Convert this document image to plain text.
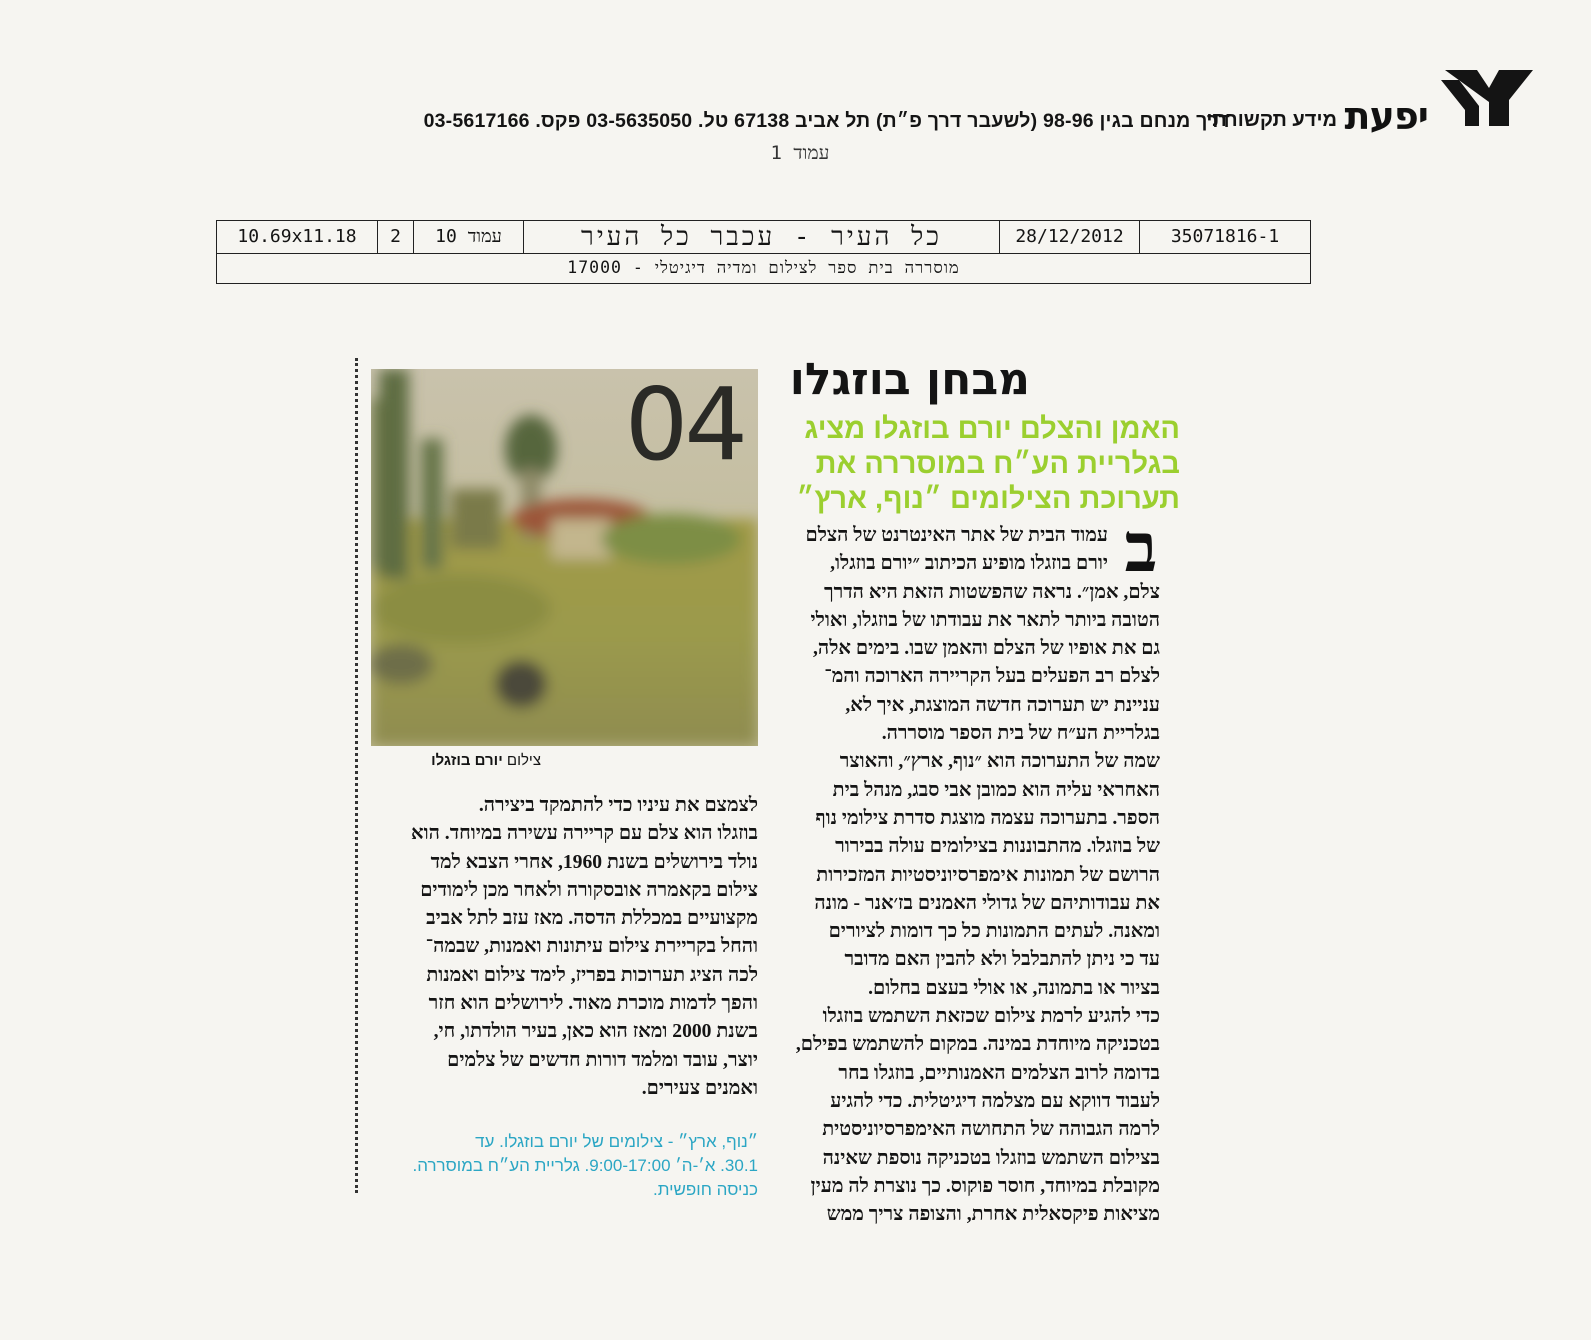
יפעת
מידע תקשורתי
דרך מנחם בגין 98-96 (לשעבר דרך פ״ת) תל אביב 67138 טל. 03-5635050 פקס. 03-5617166
עמוד 1
10.69x11.18	2	עמוד 10	כל העיר - עכבר כל העיר	28/12/2012	35071816-1
מוסררה בית ספר לצילום ומדיה דיגיטלי - 17000
04
צילום יורם בוזגלו
מבחן בוזגלו
האמן והצלם יורם בוזגלו מציג
בגלריית הע״ח במוסררה את
תערוכת הצילומים ״נוף, ארץ״
ב
עמוד הבית של אתר האינטרנט של הצלם
יורם בוזגלו מופיע הכיתוב ״יורם בוזגלו,
צלם, אמן״. נראה שהפשטות הזאת היא הדרך
הטובה ביותר לתאר את עבודתו של בוזגלו, ואולי
גם את אופיו של הצלם והאמן שבו. בימים אלה,
לצלם רב הפעלים בעל הקריירה הארוכה והמ־
עניינת יש תערוכה חדשה המוצגת, איך לא,
בגלריית הע״ח של בית הספר מוסררה.
שמה של התערוכה הוא ״נוף, ארץ״, והאוצר
האחראי עליה הוא כמובן אבי סבג, מנהל בית
הספר. בתערוכה עצמה מוצגת סדרת צילומי נוף
של בוזגלו. מהתבוננות בצילומים עולה בבירור
הרושם של תמונות אימפרסיוניסטיות המזכירות
את עבודותיהם של גדולי האמנים בז׳אנר - מונה
ומאנה. לעתים התמונות כל כך דומות לציורים
עד כי ניתן להתבלבל ולא להבין האם מדובר
בציור או בתמונה, או אולי בעצם בחלום.
כדי להגיע לרמת צילום שכזאת השתמש בוזגלו
בטכניקה מיוחדת במינה. במקום להשתמש בפילם,
בדומה לרוב הצלמים האמנותיים, בוזגלו בחר
לעבוד דווקא עם מצלמה דיגיטלית. כדי להגיע
לרמה הגבוהה של התחושה האימפרסיוניסטית
בצילום השתמש בוזגלו בטכניקה נוספת שאינה
מקובלת במיוחד, חוסר פוקוס. כך נוצרת לה מעין
מציאות פיקסאלית אחרת, והצופה צריך ממש
לצמצם את עיניו כדי להתמקד ביצירה.
בוזגלו הוא צלם עם קריירה עשירה במיוחד. הוא
נולד בירושלים בשנת 1960, אחרי הצבא למד
צילום בקאמרה אובסקורה ולאחר מכן לימודים
מקצועיים במכללת הדסה. מאז עזב לתל אביב
והחל בקריירת צילום עיתונות ואמנות, שבמה־
לכה הציג תערוכות בפריז, לימד צילום ואמנות
והפך לדמות מוכרת מאוד. לירושלים הוא חזר
בשנת 2000 ומאז הוא כאן, בעיר הולדתו, חי,
יוצר, עובד ומלמד דורות חדשים של צלמים
ואמנים צעירים.
״נוף, ארץ״ - צילומים של יורם בוזגלו. עד
30.1. א׳-ה׳ 9:00-17:00. גלריית הע״ח במוסררה.
כניסה חופשית.
